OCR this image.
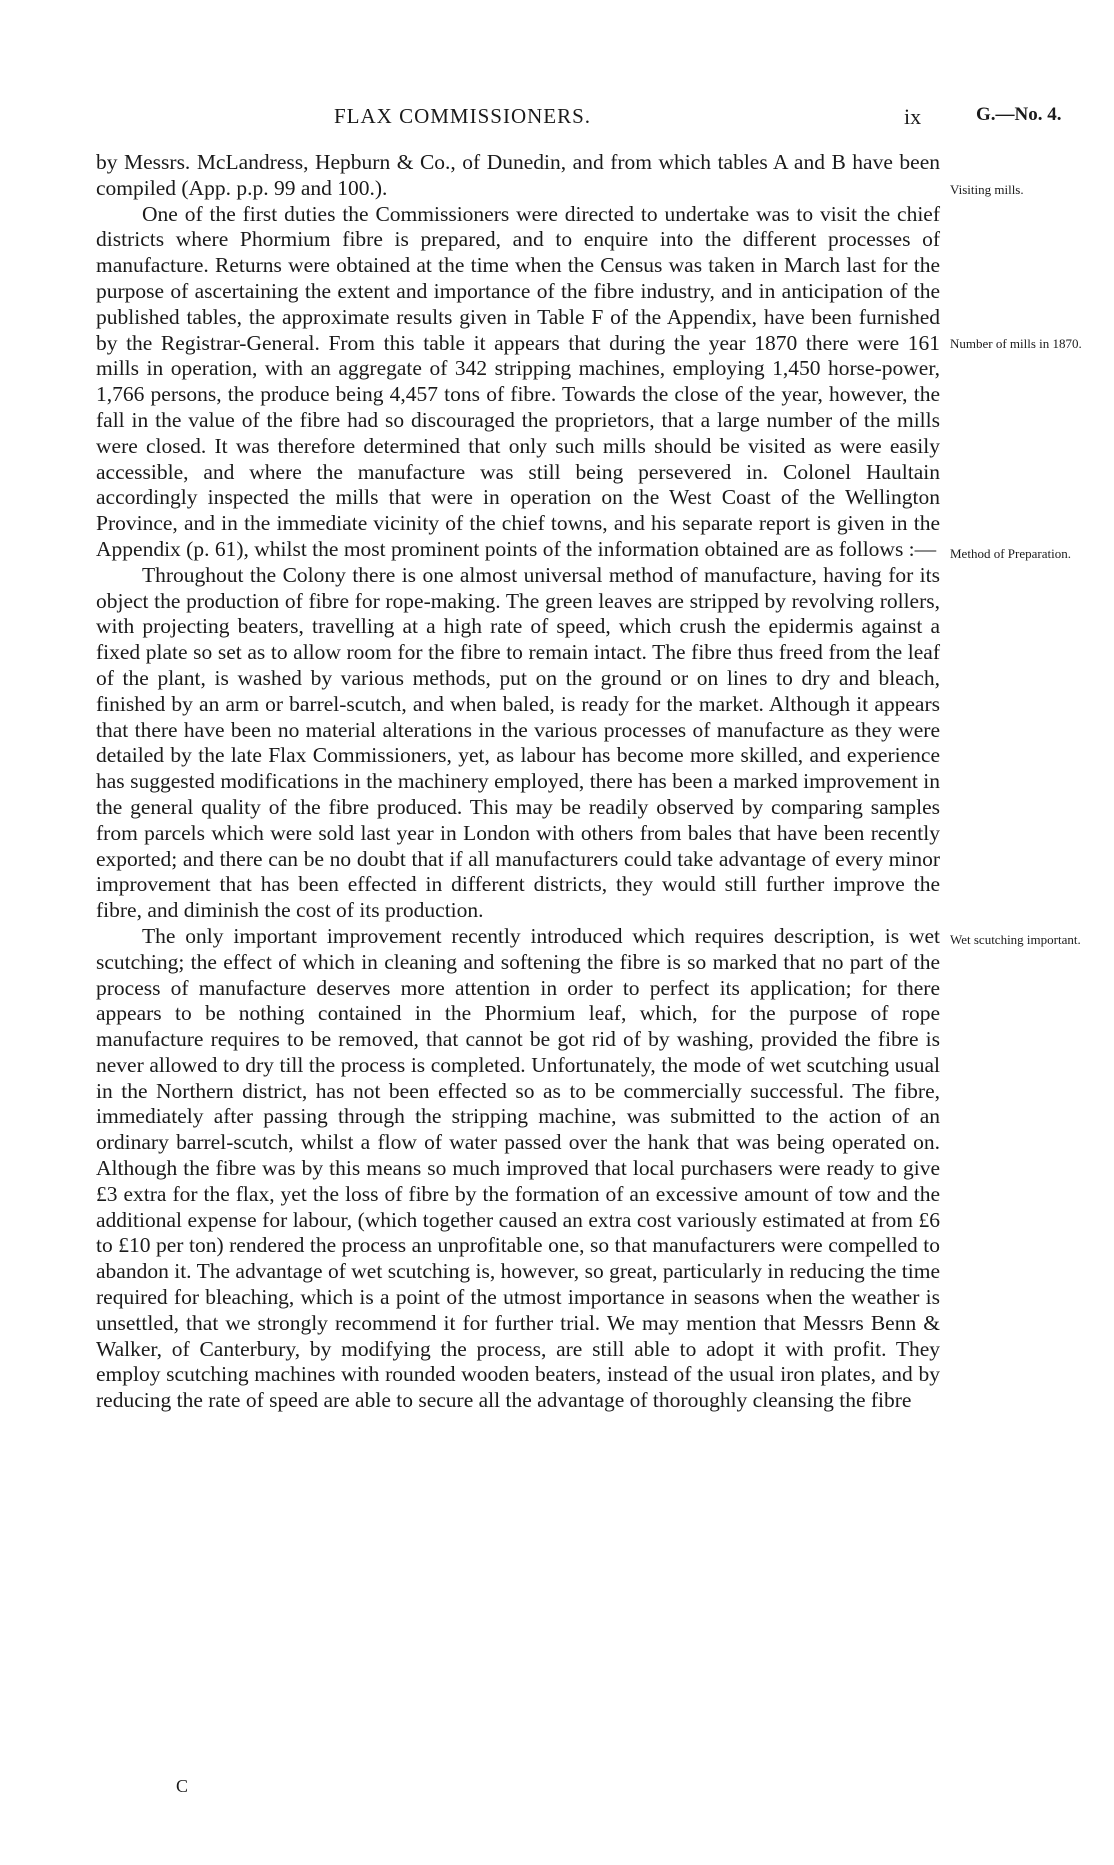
FLAX COMMISSIONERS.	ix	G.—No. 4.

by Messrs. McLandress, Hepburn & Co., of Dunedin, and from which tables A and B have been compiled (App. p.p. 99 and 100.).

One of the first duties the Commissioners were directed to undertake was to visit the chief districts where Phormium fibre is prepared, and to enquire into the different processes of manufacture. Returns were obtained at the time when the Census was taken in March last for the purpose of ascertaining the extent and importance of the fibre industry, and in anticipation of the published tables, the approximate results given in Table F of the Appendix, have been furnished by the Registrar-General. From this table it appears that during the year 1870 there were 161 mills in operation, with an aggregate of 342 stripping machines, employing 1,450 horse-power, 1,766 persons, the produce being 4,457 tons of fibre. Towards the close of the year, however, the fall in the value of the fibre had so discouraged the proprietors, that a large number of the mills were closed. It was therefore determined that only such mills should be visited as were easily accessible, and where the manufacture was still being persevered in. Colonel Haultain accordingly inspected the mills that were in operation on the West Coast of the Wellington Province, and in the immediate vicinity of the chief towns, and his separate report is given in the Appendix (p. 61), whilst the most prominent points of the information obtained are as follows :—

Throughout the Colony there is one almost universal method of manufacture, having for its object the production of fibre for rope-making. The green leaves are stripped by revolving rollers, with projecting beaters, travelling at a high rate of speed, which crush the epidermis against a fixed plate so set as to allow room for the fibre to remain intact. The fibre thus freed from the leaf of the plant, is washed by various methods, put on the ground or on lines to dry and bleach, finished by an arm or barrel-scutch, and when baled, is ready for the market. Although it appears that there have been no material alterations in the various processes of manufacture as they were detailed by the late Flax Commissioners, yet, as labour has become more skilled, and experience has suggested modifications in the machinery employed, there has been a marked improvement in the general quality of the fibre produced. This may be readily observed by comparing samples from parcels which were sold last year in London with others from bales that have been recently exported; and there can be no doubt that if all manufacturers could take advantage of every minor improvement that has been effected in different districts, they would still further improve the fibre, and diminish the cost of its production.

The only important improvement recently introduced which requires description, is wet scutching; the effect of which in cleaning and softening the fibre is so marked that no part of the process of manufacture deserves more attention in order to perfect its application; for there appears to be nothing contained in the Phormium leaf, which, for the purpose of rope manufacture requires to be removed, that cannot be got rid of by washing, provided the fibre is never allowed to dry till the process is completed. Unfortunately, the mode of wet scutching usual in the Northern district, has not been effected so as to be commercially successful. The fibre, immediately after passing through the stripping machine, was submitted to the action of an ordinary barrel-scutch, whilst a flow of water passed over the hank that was being operated on. Although the fibre was by this means so much improved that local purchasers were ready to give £3 extra for the flax, yet the loss of fibre by the formation of an excessive amount of tow and the additional expense for labour, (which together caused an extra cost variously estimated at from £6 to £10 per ton) rendered the process an unprofitable one, so that manufacturers were compelled to abandon it. The advantage of wet scutching is, however, so great, particularly in reducing the time required for bleaching, which is a point of the utmost importance in seasons when the weather is unsettled, that we strongly recommend it for further trial. We may mention that Messrs Benn & Walker, of Canterbury, by modifying the process, are still able to adopt it with profit. They employ scutching machines with rounded wooden beaters, instead of the usual iron plates, and by reducing the rate of speed are able to secure all the advantage of thoroughly cleansing the fibre

Visiting mills.
Number of mills in 1870.
Method of Preparation.
Wet scutching important.
C
